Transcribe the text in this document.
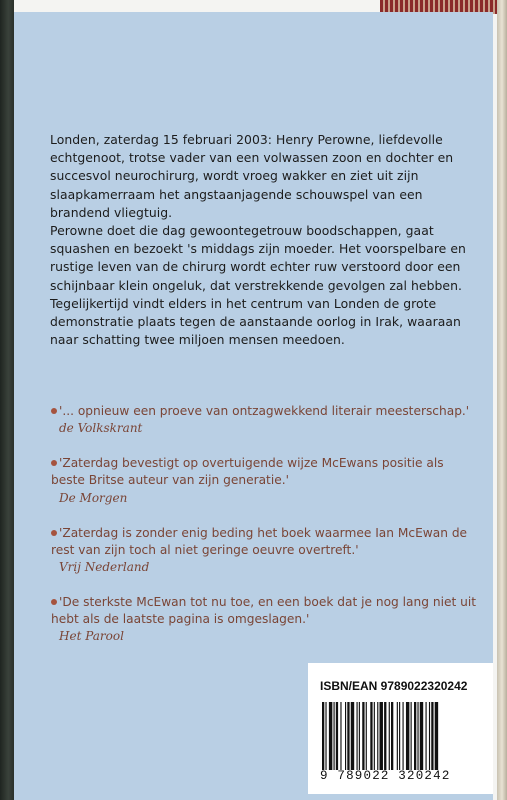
Londen, zaterdag 15 februari 2003: Henry Perowne, liefdevolle echtgenoot, trotse vader van een volwassen zoon en dochter en succesvol neurochirurg, wordt vroeg wakker en ziet uit zijn slaapkamerraam het angstaanjagende schouwspel van een brandend vliegtuig.

Perowne doet die dag gewoontegetrouw boodschappen, gaat squashen en bezoekt 's middags zijn moeder. Het voorspelbare en rustige leven van de chirurg wordt echter ruw verstoord door een schijnbaar klein ongeluk, dat verstrekkende gevolgen zal hebben.

Tegelijkertijd vindt elders in het centrum van Londen de grote demonstratie plaats tegen de aanstaande oorlog in Irak, waaraan naar schatting twee miljoen mensen meedoen.

'... opnieuw een proeve van ontzagwekkend literair meesterschap.'
de Volkskrant
'Zaterdag bevestigt op overtuigende wijze McEwans positie als beste Britse auteur van zijn generatie.'
De Morgen
'Zaterdag is zonder enig beding het boek waarmee Ian McEwan de rest van zijn toch al niet geringe oeuvre overtreft.'
Vrij Nederland
'De sterkste McEwan tot nu toe, en een boek dat je nog lang niet uit hebt als de laatste pagina is omgeslagen.'
Het Parool
ISBN/EAN 9789022320242
9 789022 320242
